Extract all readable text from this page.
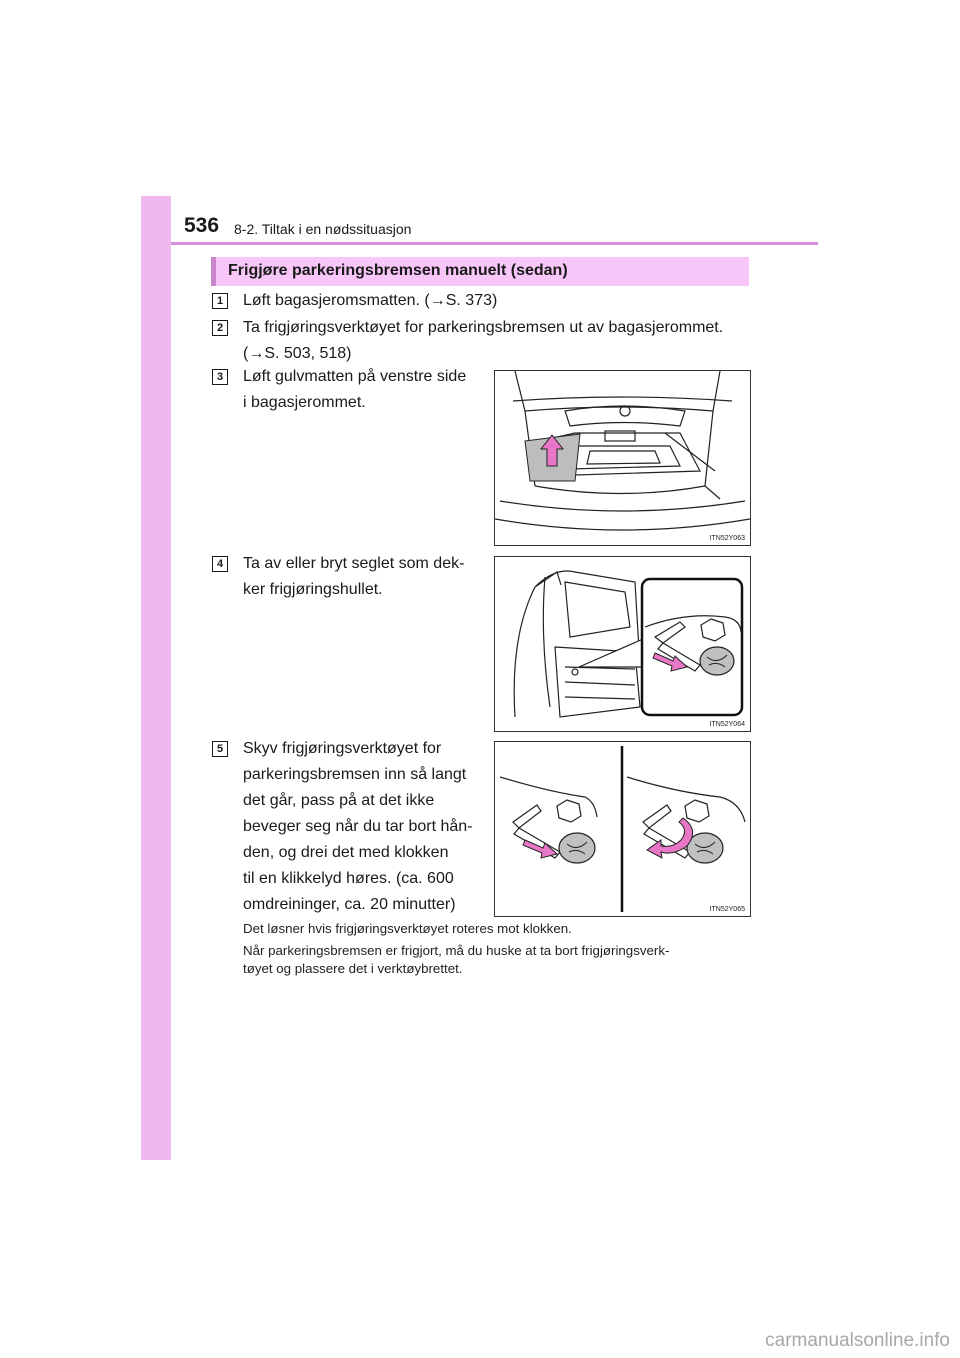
536 8-2. Tiltak i en nødssituasjon
Frigjøre parkeringsbremsen manuelt (sedan)
1	Løft bagasjeromsmatten. (→S. 373)
2	Ta frigjøringsverktøyet for parkeringsbremsen ut av bagasjerommet.
(→S. 503, 518)
3	Løft gulvmatten på venstre side
i bagasjerommet.
ITN52Y063
4	Ta av eller bryt seglet som dek-
ker frigjøringshullet.
ITN52Y064
5	Skyv frigjøringsverktøyet for
parkeringsbremsen inn så langt
det går, pass på at det ikke
beveger seg når du tar bort hån-
den, og drei det med klokken
til en klikkelyd høres. (ca. 600
omdreininger, ca. 20 minutter)	ITN52Y065
Det løsner hvis frigjøringsverktøyet roteres mot klokken.
Når parkeringsbremsen er frigjort, må du huske at ta bort frigjøringsverk-
tøyet og plassere det i verktøybrettet.
carmanualsonline.info
